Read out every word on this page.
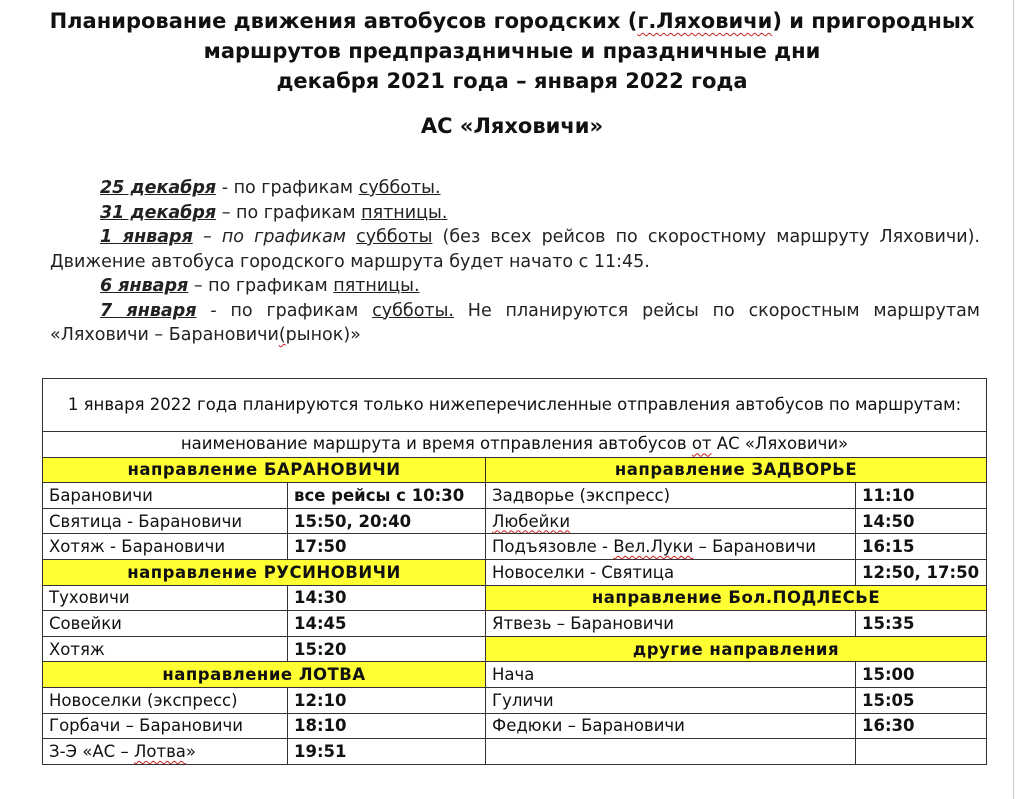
Планирование движения автобусов городских (г.Ляховичи) и пригородных
маршрутов предпраздничные и праздничные дни
декабря 2021 года – января 2022 года
АС «Ляховичи»

25 декабря - по графикам субботы.

31 декабря – по графикам пятницы.

1 января – по графикам субботы (без всех рейсов по скоростному маршруту Ляховичи). Движение автобуса городского маршрута будет начато с 11:45.

6 января – по графикам пятницы.

7 января - по графикам субботы. Не планируются рейсы по скоростным маршрутам «Ляховичи – Барановичи(рынок)»

1 января 2022 года планируются только нижеперечисленные отправления автобусов по маршрутам:			
наименование маршрута и время отправления автобусов от АС «Ляховичи»			
направление БАРАНОВИЧИ		направление ЗАДВОРЬЕ	
Барановичи	все рейсы с 10:30	Задворье (экспресс)	11:10
Святица - Барановичи	15:50, 20:40	Любейки	14:50
Хотяж - Барановичи	17:50	Подъязовле - Вел.Луки – Барановичи	16:15
направление РУСИНОВИЧИ		Новоселки - Святица	12:50, 17:50
Туховичи	14:30	направление Бол.ПОДЛЕСЬЕ	
Совейки	14:45	Ятвезь – Барановичи	15:35
Хотяж	15:20	другие направления	
направление ЛОТВА		Нача	15:00
Новоселки (экспресс)	12:10	Гуличи	15:05
Горбачи – Барановичи	18:10	Федюки – Барановичи	16:30
З-Э «АС – Лотва»	19:51		
